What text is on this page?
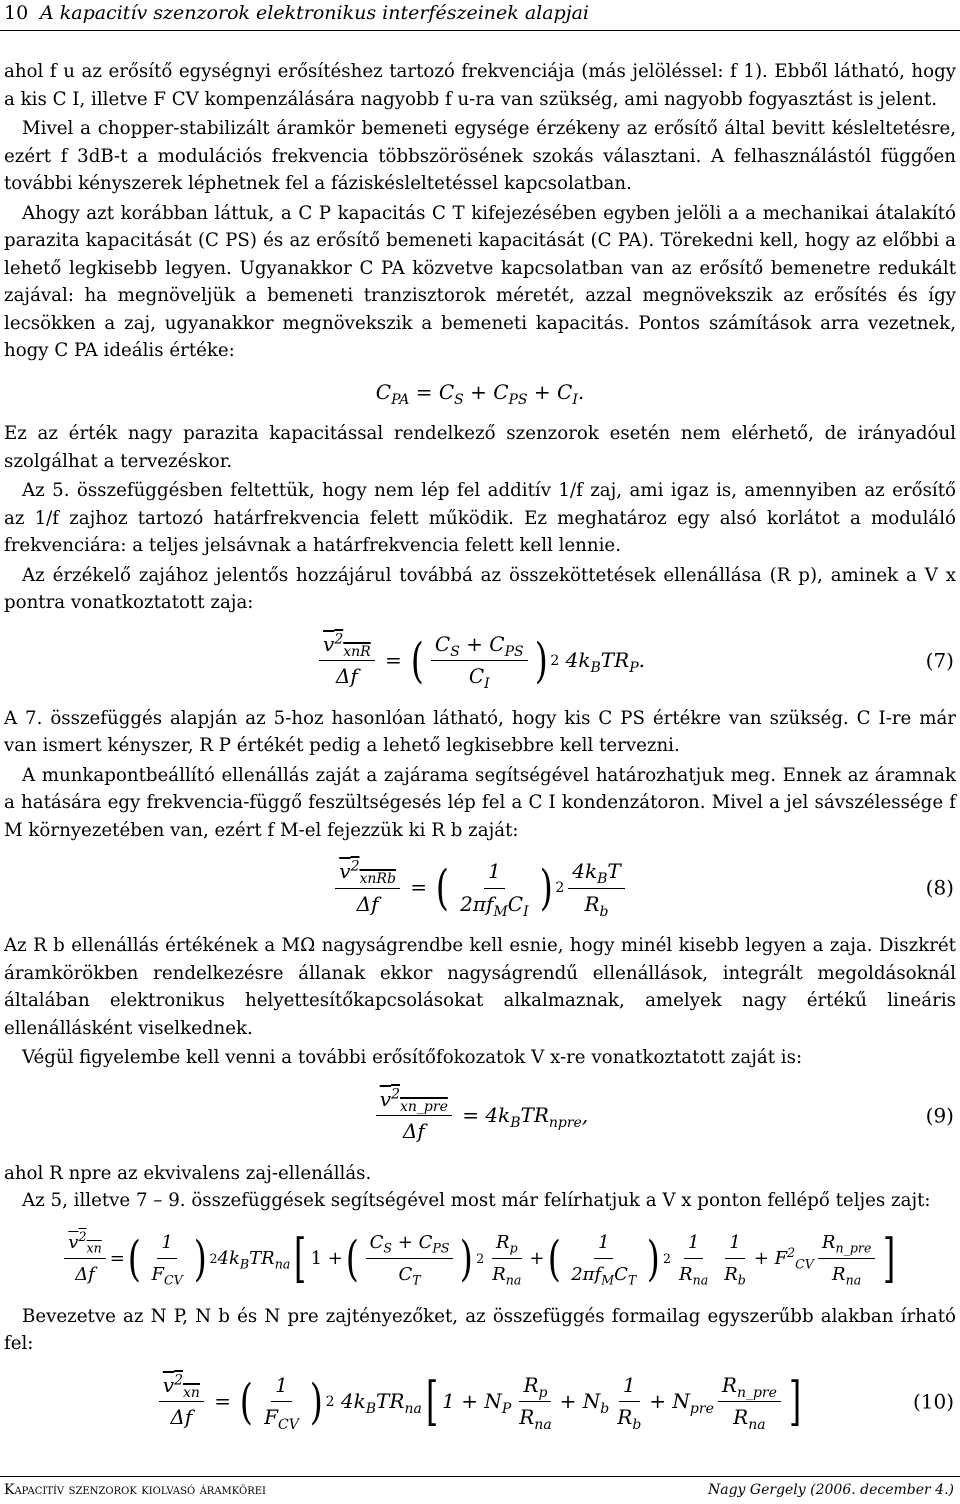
10 A kapacitív szenzorok elektronikus interfészeinek alapjai

ahol f u az erősítő egységnyi erősítéshez tartozó frekvenciája (más jelöléssel: f 1). Ebből látható, hogy a kis C I, illetve F CV kompenzálására nagyobb f u-ra van szükség, ami nagyobb fogyasztást is jelent.

Mivel a chopper-stabilizált áramkör bemeneti egysége érzékeny az erősítő által bevitt késleltetésre, ezért f 3dB-t a modulációs frekvencia többszörösének szokás választani. A felhasználástól függően további kényszerek léphetnek fel a fáziskésleltetéssel kapcsolatban.

Ahogy azt korábban láttuk, a C P kapacitás C T kifejezésében egyben jelöli a a mechanikai átalakító parazita kapacitását (C PS) és az erősítő bemeneti kapacitását (C PA). Törekedni kell, hogy az előbbi a lehető legkisebb legyen. Ugyanakkor C PA közvetve kapcsolatban van az erősítő bemenetre redukált zajával: ha megnöveljük a bemeneti tranzisztorok méretét, azzal megnövekszik az erősítés és így lecsökken a zaj, ugyanakkor megnövekszik a bemeneti kapacitás. Pontos számítások arra vezetnek, hogy C PA ideális értéke:

$C_{PA} = C_S + C_{PS} + C_I$.

Ez az érték nagy parazita kapacitással rendelkező szenzorok esetén nem elérhető, de irányadóul szolgálhat a tervezéskor.

Az 5. összefüggésben feltettük, hogy nem lép fel additív 1/f zaj, ami igaz is, amennyiben az erősítő az 1/f zajhoz tartozó határfrekvencia felett működik. Ez meghatároz egy alsó korlátot a moduláló frekvenciára: a teljes jelsávnak a határfrekvencia felett kell lennie.

Az érzékelő zajához jelentős hozzájárul továbbá az összeköttetések ellenállása (R p), aminek a V x pontra vonatkoztatott zaja:

$\frac{v^2_{xnR}}{\Delta f}$ = ( $\frac{C_S + C_{PS}}{C_I}$ ) 2 $4k_BTR_P$.	(7)

A 7. összefüggés alapján az 5-hoz hasonlóan látható, hogy kis C PS értékre van szükség. C I-re már van ismert kényszer, R P értékét pedig a lehető legkisebbre kell tervezni.

A munkapontbeállító ellenállás zaját a zajárama segítségével határozhatjuk meg. Ennek az áramnak a hatására egy frekvencia-függő feszültségesés lép fel a C I kondenzátoron. Mivel a jel sávszélessége f M környezetében van, ezért f M-el fejezzük ki R b zaját:

$\frac{v^2_{xnRb}}{\Delta f}$ = ( $\frac{1}{2\pi f_MC_I}$ ) $2 \frac{4k_BT}{R_b}$	(8)

Az R b ellenállás értékének a MΩ nagyságrendbe kell esnie, hogy minél kisebb legyen a zaja. Diszkrét áramkörökben rendelkezésre állanak ekkor nagyságrendű ellenállások, integrált megoldásoknál általában elektronikus helyettesítőkapcsolásokat alkalmaznak, amelyek nagy értékű lineáris ellenállásként viselkednek.

Végül figyelembe kell venni a további erősítőfokozatok V x-re vonatkoztatott zaját is:

$\frac{v^2_{xn\_pre}}{\Delta f} = 4k_BTR_{npre}$,	(9)

ahol R npre az ekvivalens zaj-ellenállás.

Az 5, illetve 7 – 9. összefüggések segítségével most már felírhatjuk a V x ponton fellépő teljes zajt:

$\frac{v^2_{xn}}{\Delta f}$ = ( $\frac{1}{F_{CV}}$ ) 2 $4k_BTR_{na}$ [ 1 + ( $\frac{C_S + C_{PS}}{C_T}$ ) $2 \frac{R_p}{R_{na}}$ + ( $\frac{1}{2\pi f_MC_T}$ ) $2 \frac{1}{R_{na}} \frac{1}{R_b} + F^2_{CV} \frac{R_{n\_pre}}{R_{na}}$ ]

Bevezetve az N P, N b és N pre zajtényezőket, az összefüggés formailag egyszerűbb alakban írható fel:

$\frac{v^2_{xn}}{\Delta f}$ = ( $\frac{1}{F_{CV}}$ ) 2 $4k_BTR_{na}$ [ $1 + N_P \frac{R_p}{R_{na}} + N_b \frac{1}{R_b} + N_{pre} \frac{R_{n\_pre}}{R_{na}}$ ]	(10)
Kapacitív szenzorok kiolvasó áramkörei	Nagy Gergely (2006. december 4.)
